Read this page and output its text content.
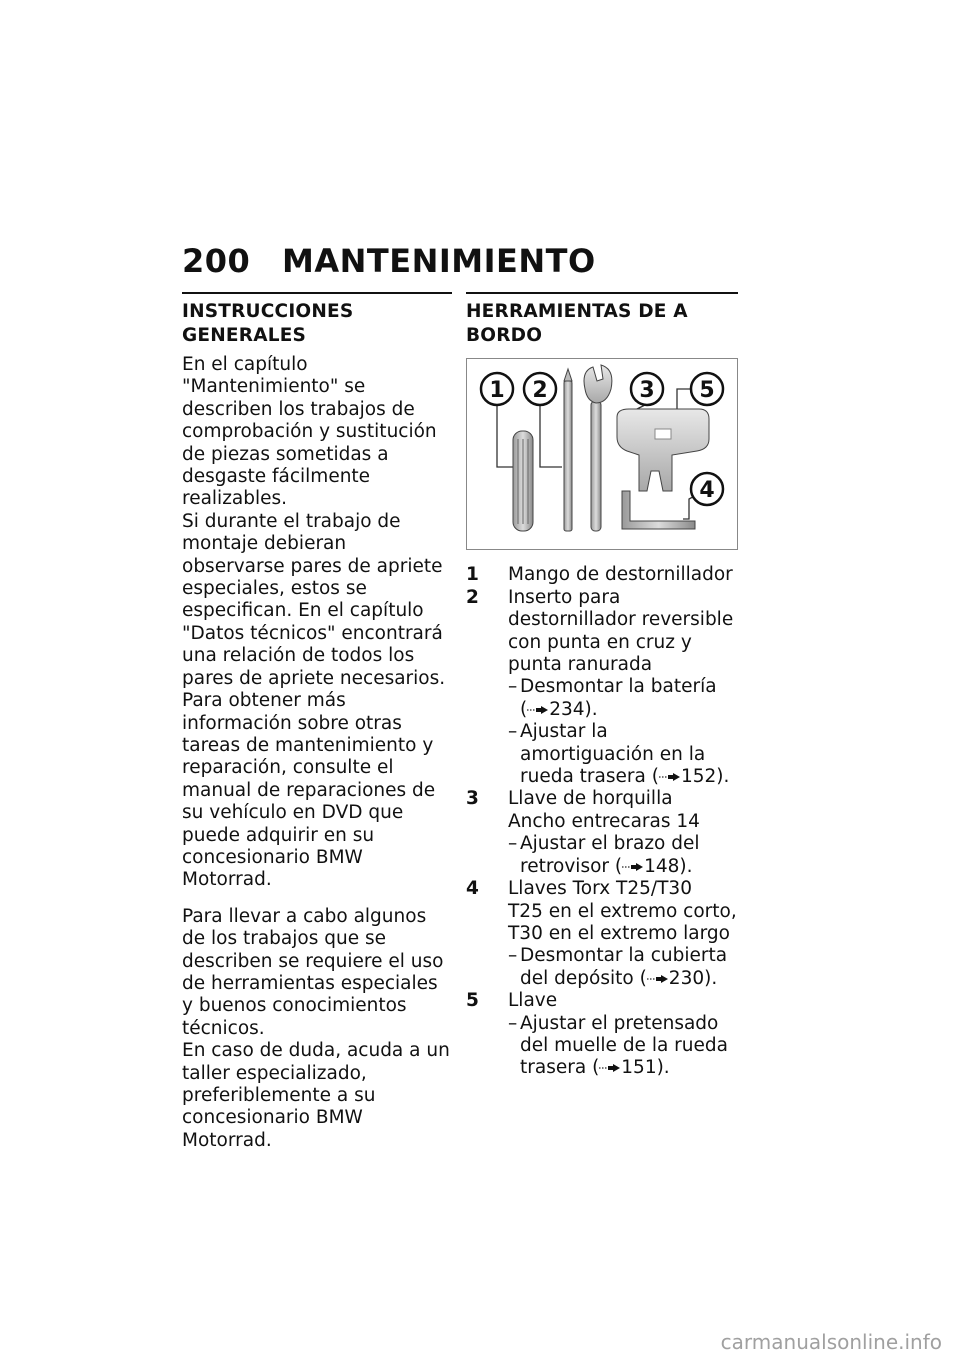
200 MANTENIMIENTO
INSTRUCCIONES GENERALES

En el capítulo "Mantenimiento" se describen los trabajos de comprobación y sustitución de piezas sometidas a desgaste fácilmente realizables.

Si durante el trabajo de montaje debieran observarse pares de apriete especiales, estos se especifican. En el capítulo "Datos técnicos" encontrará una relación de todos los pares de apriete necesarios.

Para obtener más información sobre otras tareas de mantenimiento y reparación, consulte el manual de reparaciones de su vehículo en DVD que puede adquirir en su concesionario BMW Motorrad.

Para llevar a cabo algunos de los trabajos que se describen se requiere el uso de herramientas especiales y buenos conocimientos técnicos.

En caso de duda, acuda a un taller especializado, preferiblemente a su concesionario BMW Motorrad.

HERRAMIENTAS DE A BORDO
1 2	3 5
4
1	Mango de destornillador
2	Inserto para destornillador reversible
con punta en cruz y punta ranurada
– Desmontar la batería ( 234).
– Ajustar la amortiguación en la rueda trasera ( 152).
3	Llave de horquilla
Ancho entrecaras 14
– Ajustar el brazo del retrovisor ( 148).
4	Llaves Torx T25/T30
T25 en el extremo corto,
T30 en el extremo largo
– Desmontar la cubierta del depósito ( 230).
5	Llave
– Ajustar el pretensado del muelle de la rueda trasera ( 151).
carmanualsonline.info
